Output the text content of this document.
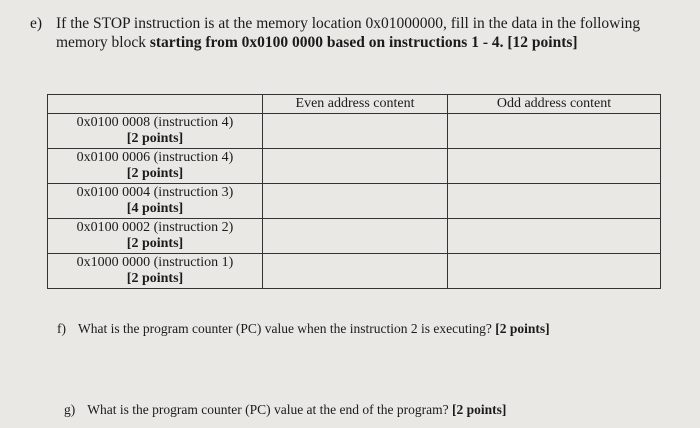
e) If the STOP instruction is at the memory location 0x01000000, fill in the data in the following memory block starting from 0x0100 0000 based on instructions 1 - 4. [12 points]
	Even address content	Odd address content
0x0100 0008 (instruction 4)
[2 points]		

0x0100 0006 (instruction 4)
[2 points]		

0x0100 0004 (instruction 3)
[4 points]		

0x0100 0002 (instruction 2)
[2 points]		

0x1000 0000 (instruction 1)
[2 points]		

f) What is the program counter (PC) value when the instruction 2 is executing? [2 points]
g) What is the program counter (PC) value at the end of the program? [2 points]
